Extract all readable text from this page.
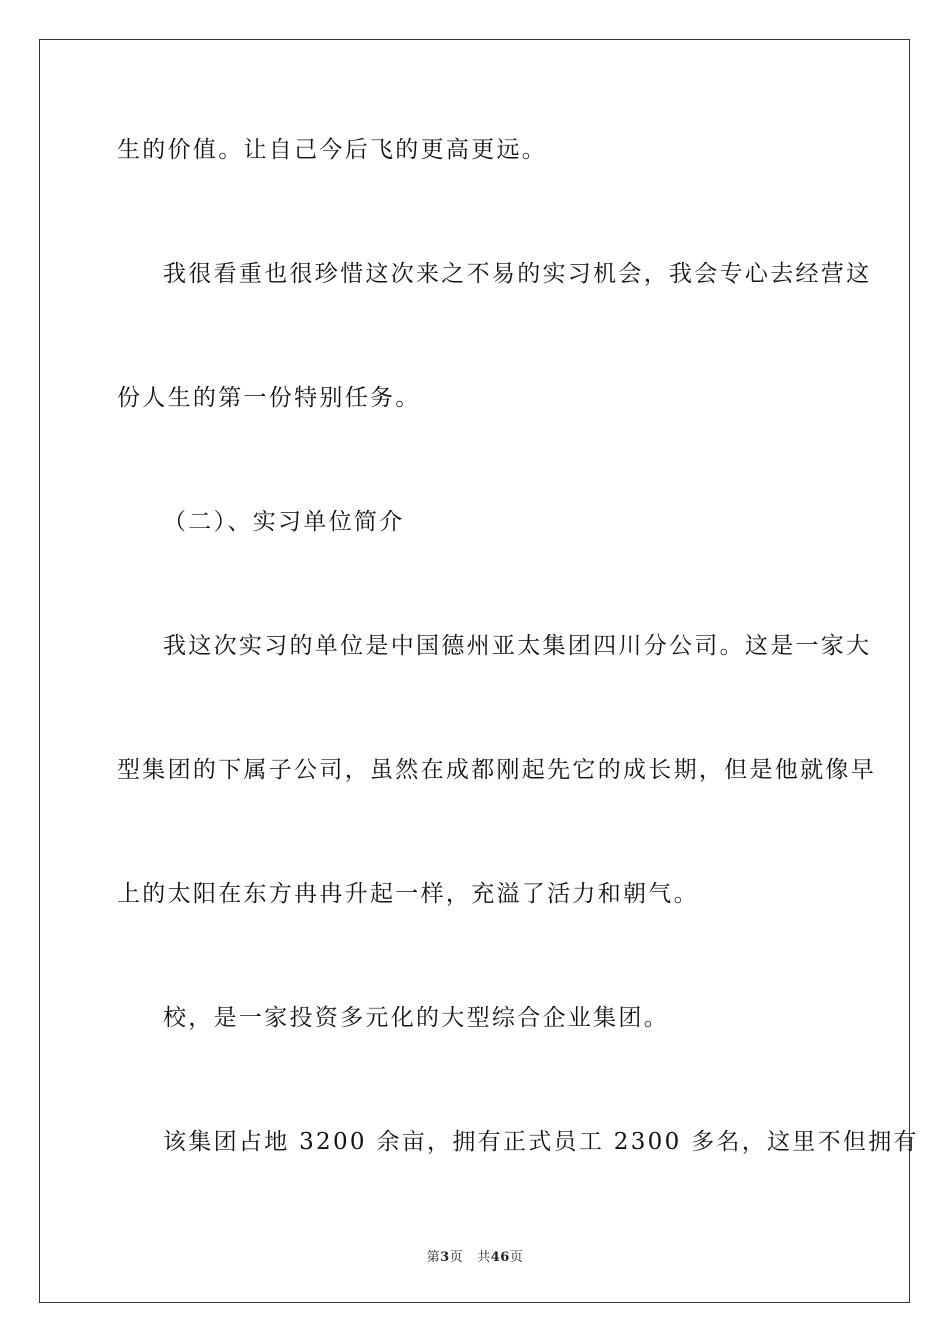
生的价值。让自己今后飞的更高更远。
我很看重也很珍惜这次来之不易的实习机会，我会专心去经营这
份人生的第一份特别任务。
（二）、实习单位简介
我这次实习的单位是中国德州亚太集团四川分公司。这是一家大
型集团的下属子公司，虽然在成都刚起先它的成长期，但是他就像早
上的太阳在东方冉冉升起一样，充溢了活力和朝气。
校，是一家投资多元化的大型综合企业集团。
该集团占地 3200 余亩，拥有正式员工 2300 多名，这里不但拥有
第3页 共46页
